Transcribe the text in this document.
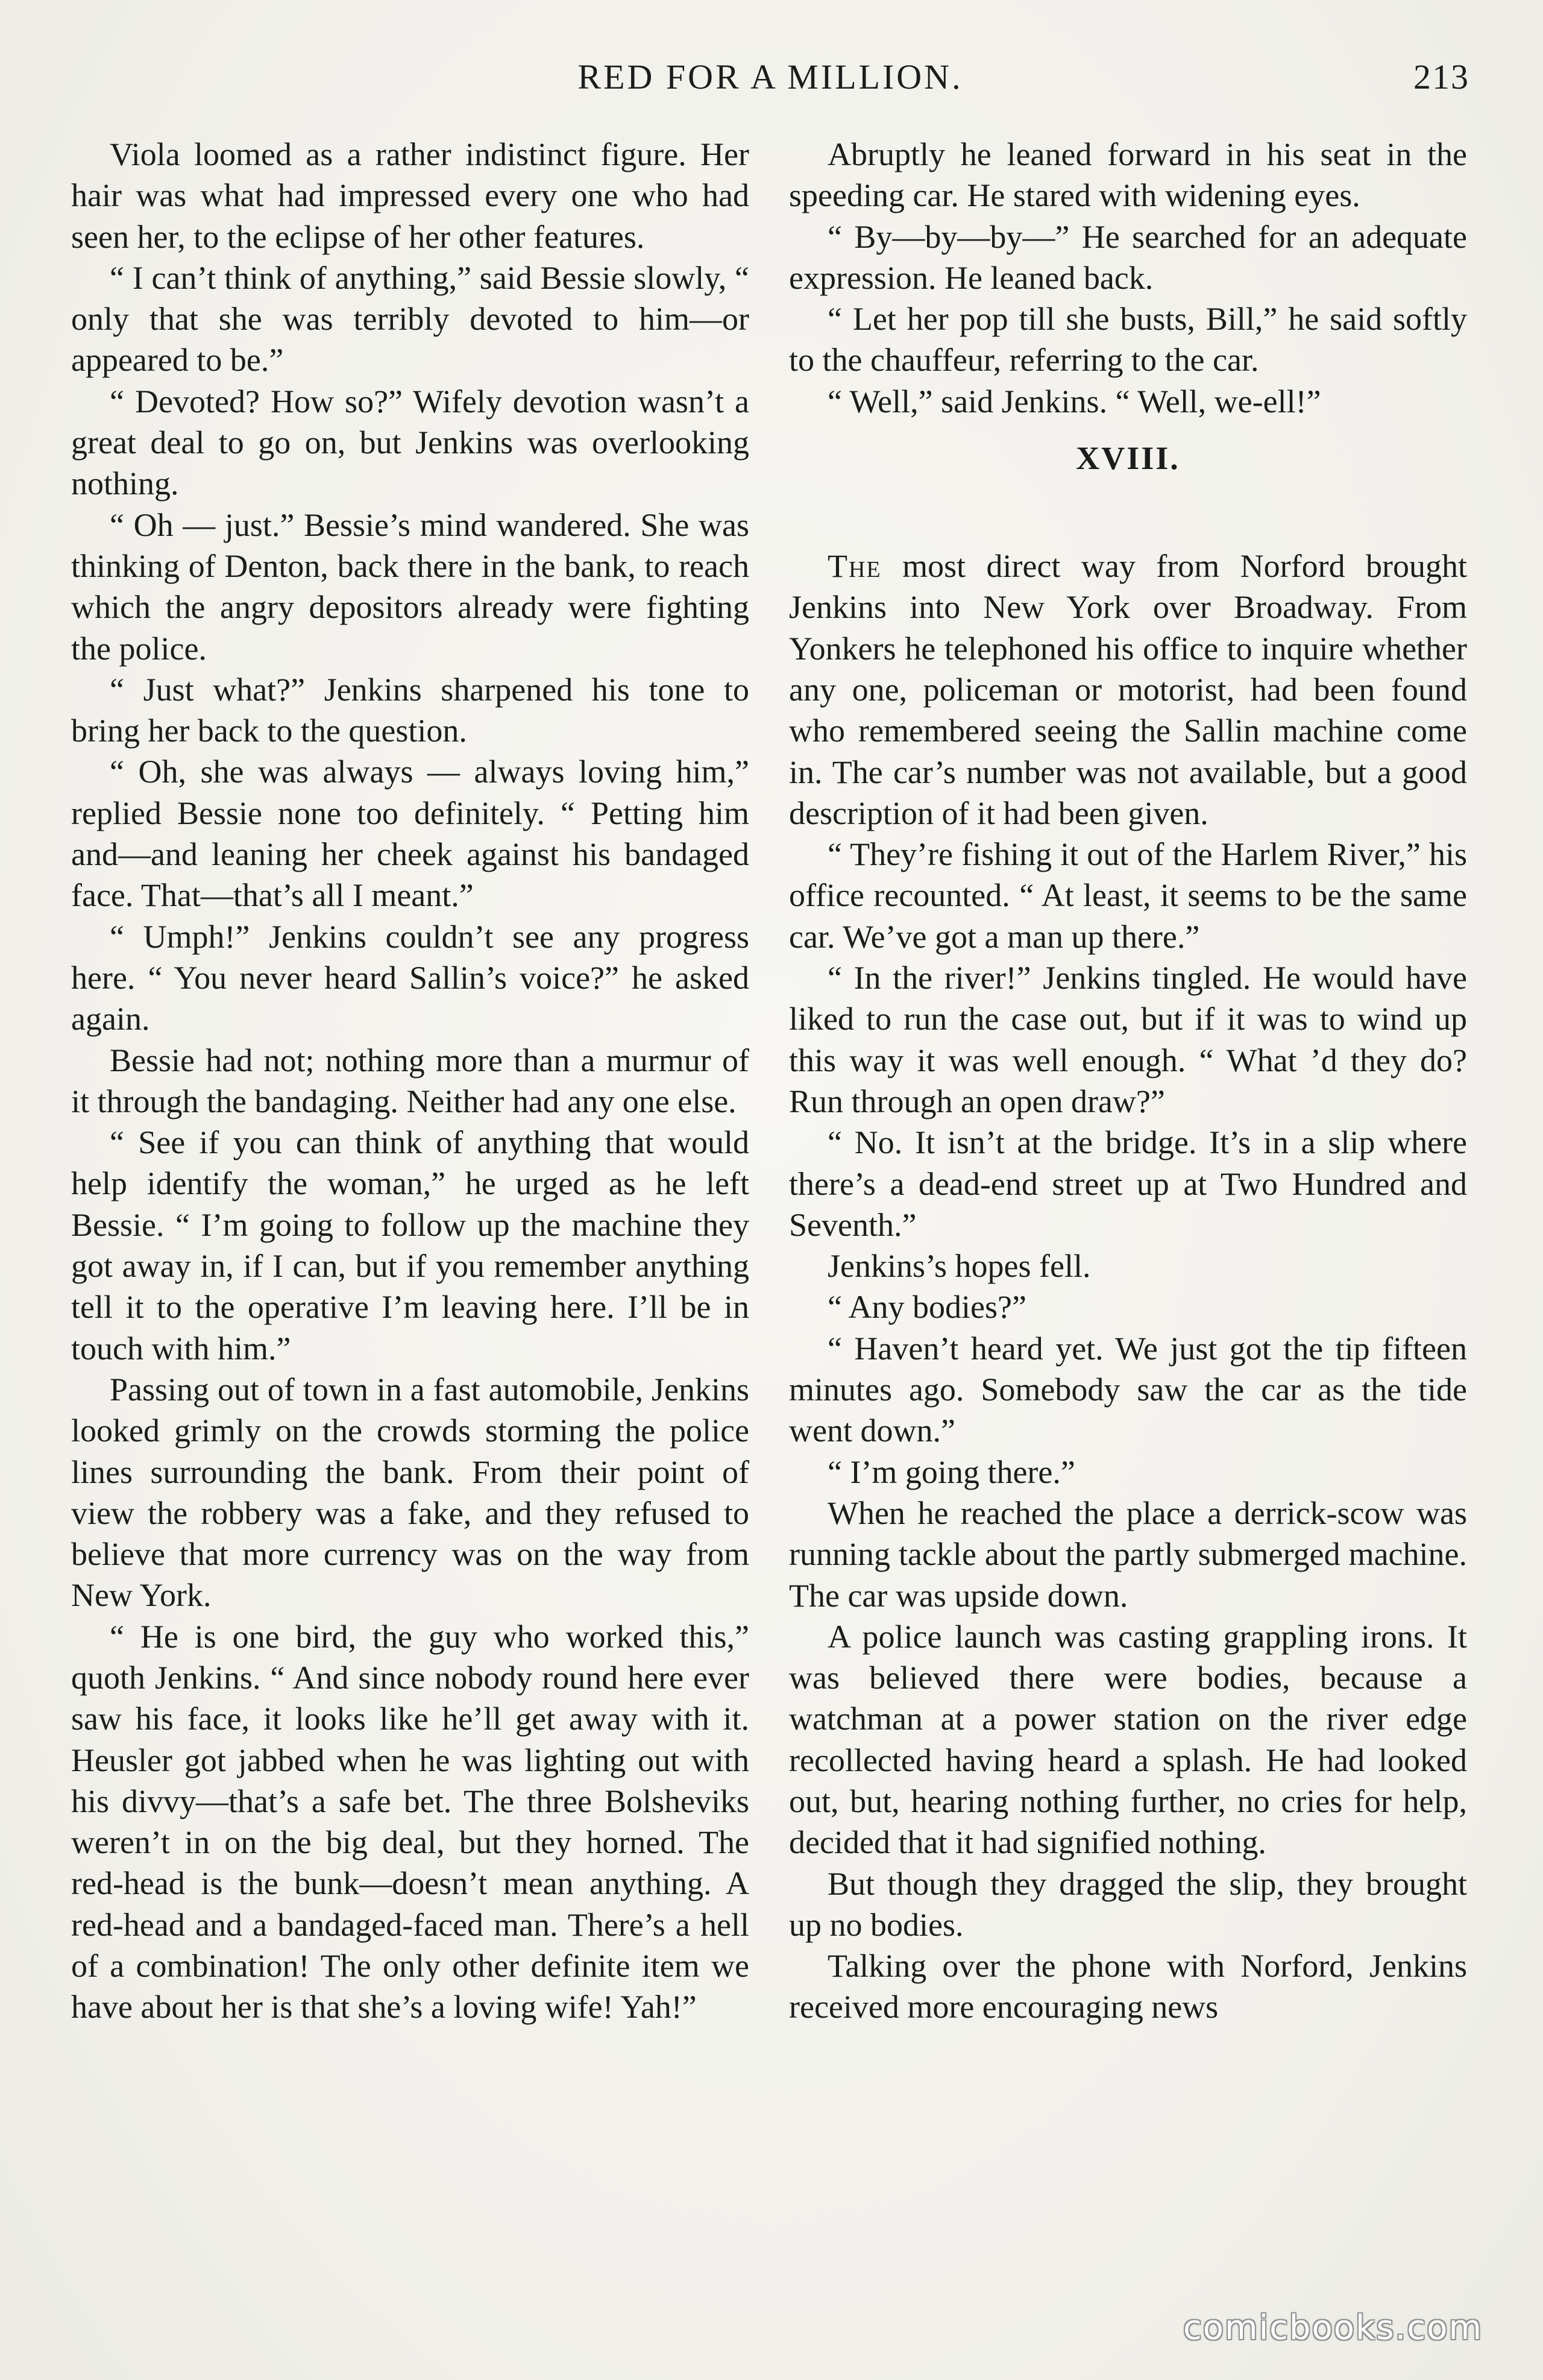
RED FOR A MILLION.	213

Viola loomed as a rather indistinct figure. Her hair was what had impressed every one who had seen her, to the eclipse of her other features.

“ I can’t think of anything,” said Bessie slowly, “ only that she was terribly devoted to him—or appeared to be.”

“ Devoted? How so?” Wifely devotion wasn’t a great deal to go on, but Jenkins was overlooking nothing.

“ Oh — just.” Bessie’s mind wandered. She was thinking of Denton, back there in the bank, to reach which the angry depositors already were fighting the police.

“ Just what?” Jenkins sharpened his tone to bring her back to the question.

“ Oh, she was always — always loving him,” replied Bessie none too definitely. “ Petting him and—and leaning her cheek against his bandaged face. That—that’s all I meant.”

“ Umph!” Jenkins couldn’t see any progress here. “ You never heard Sallin’s voice?” he asked again.

Bessie had not; nothing more than a murmur of it through the bandaging. Neither had any one else.

“ See if you can think of anything that would help identify the woman,” he urged as he left Bessie. “ I’m going to follow up the machine they got away in, if I can, but if you remember anything tell it to the operative I’m leaving here. I’ll be in touch with him.”

Passing out of town in a fast automobile, Jenkins looked grimly on the crowds storming the police lines surrounding the bank. From their point of view the robbery was a fake, and they refused to believe that more currency was on the way from New York.

“ He is one bird, the guy who worked this,” quoth Jenkins. “ And since nobody round here ever saw his face, it looks like he’ll get away with it. Heusler got jabbed when he was lighting out with his divvy—that’s a safe bet. The three Bolsheviks weren’t in on the big deal, but they horned. The red-head is the bunk—doesn’t mean anything. A red-head and a bandaged-faced man. There’s a hell of a combination! The only other definite item we have about her is that she’s a loving wife! Yah!”

Abruptly he leaned forward in his seat in the speeding car. He stared with widening eyes.

“ By—by—by—” He searched for an adequate expression. He leaned back.

“ Let her pop till she busts, Bill,” he said softly to the chauffeur, referring to the car.

“ Well,” said Jenkins. “ Well, we-ell!”

XVIII.

The most direct way from Norford brought Jenkins into New York over Broadway. From Yonkers he telephoned his office to inquire whether any one, policeman or motorist, had been found who remembered seeing the Sallin machine come in. The car’s number was not available, but a good description of it had been given.

“ They’re fishing it out of the Harlem River,” his office recounted. “ At least, it seems to be the same car. We’ve got a man up there.”

“ In the river!” Jenkins tingled. He would have liked to run the case out, but if it was to wind up this way it was well enough. “ What ’d they do? Run through an open draw?”

“ No. It isn’t at the bridge. It’s in a slip where there’s a dead-end street up at Two Hundred and Seventh.”

Jenkins’s hopes fell.

“ Any bodies?”

“ Haven’t heard yet. We just got the tip fifteen minutes ago. Somebody saw the car as the tide went down.”

“ I’m going there.”

When he reached the place a derrick-scow was running tackle about the partly submerged machine. The car was upside down.

A police launch was casting grappling irons. It was believed there were bodies, because a watchman at a power station on the river edge recollected having heard a splash. He had looked out, but, hearing nothing further, no cries for help, decided that it had signified nothing.

But though they dragged the slip, they brought up no bodies.

Talking over the phone with Norford, Jenkins received more encouraging news

comicbooks.com
